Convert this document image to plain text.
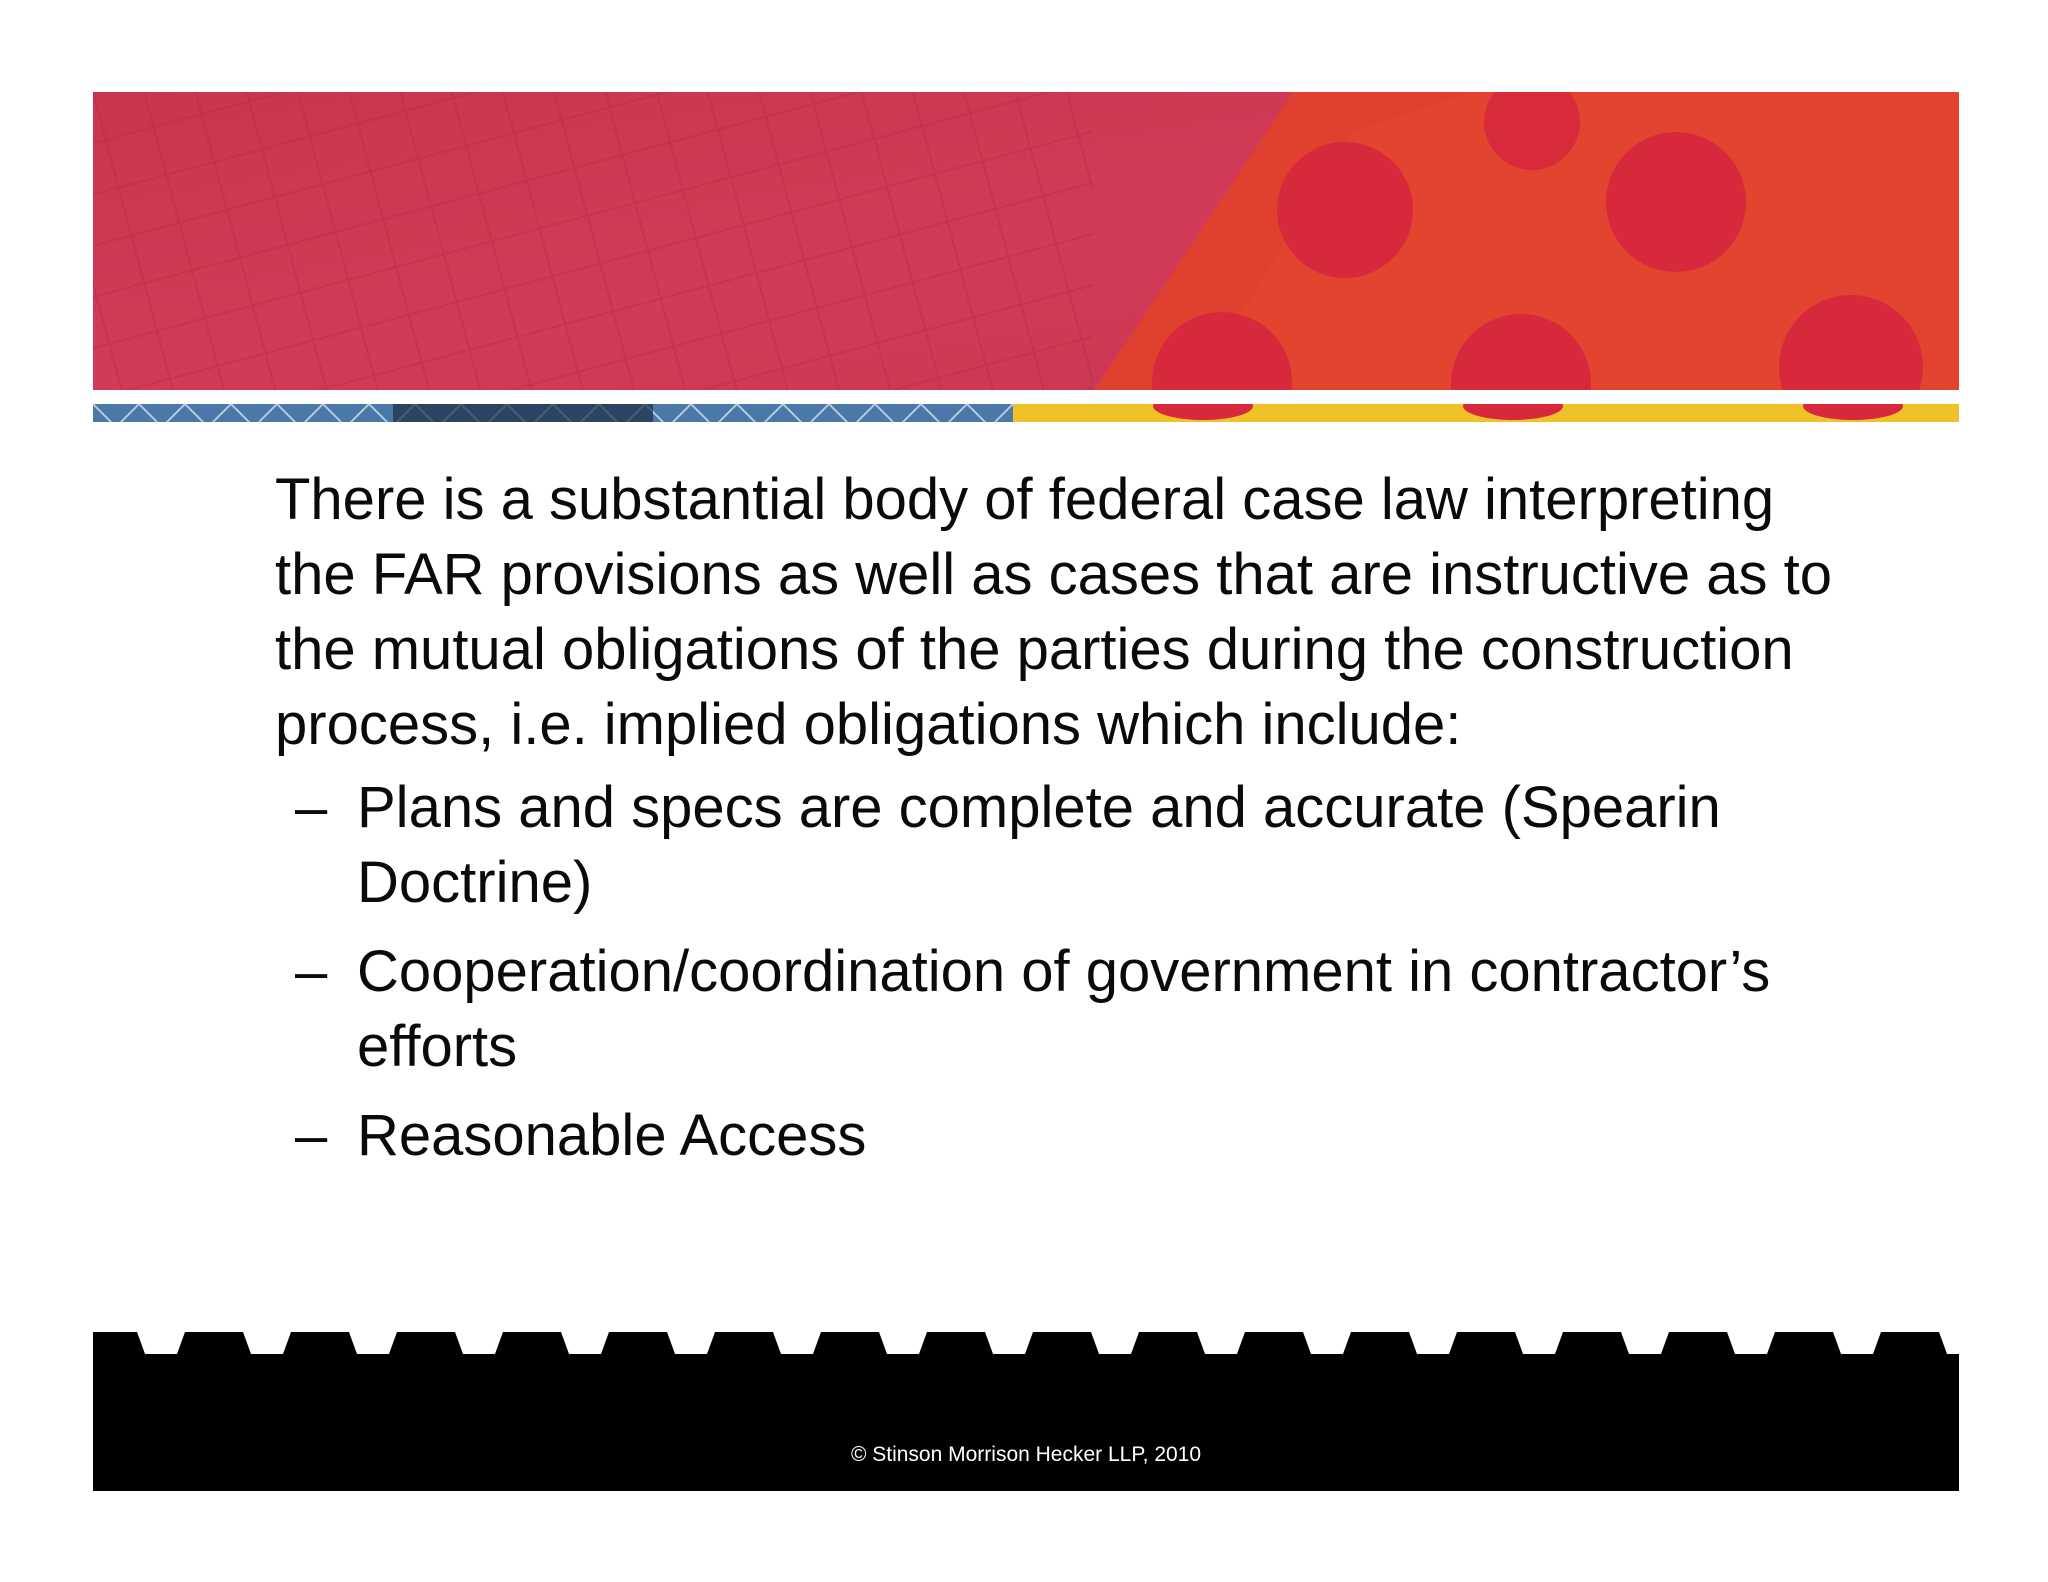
There is a substantial body of federal case law interpreting the FAR provisions as well as cases that are instructive as to the mutual obligations of the parties during the construction process, i.e. implied obligations which include:

– Plans and specs are complete and accurate (Spearin Doctrine)
– Cooperation/coordination of government in contractor’s efforts
– Reasonable Access
© Stinson Morrison Hecker LLP, 2010
